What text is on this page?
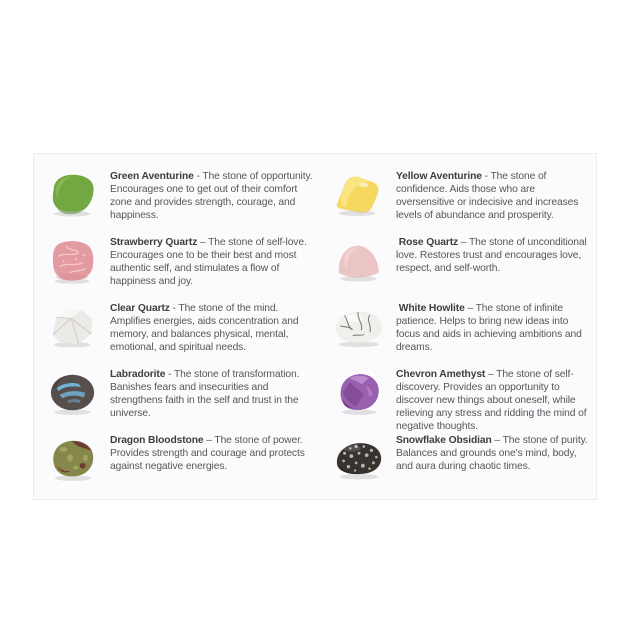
Green Aventurine - The stone of opportunity. Encourages one to get out of their comfort zone and provides strength, courage, and happiness.

Strawberry Quartz – The stone of self-love. Encourages one to be their best and most authentic self, and stimulates a flow of happiness and joy.

Clear Quartz - The stone of the mind. Amplifies energies, aids concentration and memory, and balances physical, mental, emotional, and spiritual needs.

Labradorite - The stone of transformation. Banishes fears and insecurities and strengthens faith in the self and trust in the universe.

Dragon Bloodstone – The stone of power. Provides strength and courage and protects against negative energies.

Yellow Aventurine - The stone of confidence. Aids those who are oversensitive or indecisive and increases levels of abundance and prosperity.

Rose Quartz – The stone of unconditional love. Restores trust and encourages love, respect, and self-worth.

White Howlite – The stone of infinite patience. Helps to bring new ideas into focus and aids in achieving ambitions and dreams.

Chevron Amethyst – The stone of self-discovery. Provides an opportunity to discover new things about oneself, while relieving any stress and ridding the mind of negative thoughts.

Snowflake Obsidian – The stone of purity. Balances and grounds one's mind, body, and aura during chaotic times.
